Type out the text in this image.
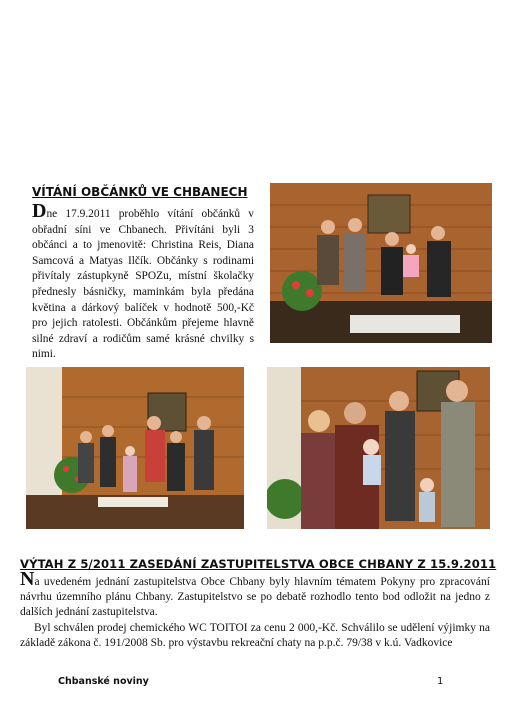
VÍTÁNÍ OBČÁNKŮ VE CHBANECH
Dne 17.9.2011 proběhlo vítání občánků v obřadní síni ve Chbanech. Přivítáni byli 3 občánci a to jmenovitě: Christina Reis, Diana Samcová a Matyas Ilčík. Občánky s rodinami přivítaly zástupkyně SPOZu, místní školačky přednesly básničky, maminkám byla předána květina a dárkový balíček v hodnotě 500,-Kč pro jejich ratolesti. Občánkům přejeme hlavně silné zdraví a rodičům samé krásné chvilky s nimi.
VÝTAH Z 5/2011 ZASEDÁNÍ ZASTUPITELSTVA OBCE CHBANY Z 15.9.2011

Na uvedeném jednání zastupitelstva Obce Chbany byly hlavním tématem Pokyny pro zpracování návrhu územního plánu Chbany. Zastupitelstvo se po debatě rozhodlo tento bod odložit na jedno z dalších jednání zastupitelstva.

Byl schválen prodej chemického WC TOITOI za cenu 2 000,-Kč. Schválilo se udělení výjimky na základě zákona č. 191/2008 Sb. pro výstavbu rekreační chaty na p.p.č. 79/38 v k.ú. Vadkovice

Chbanské noviny	1
